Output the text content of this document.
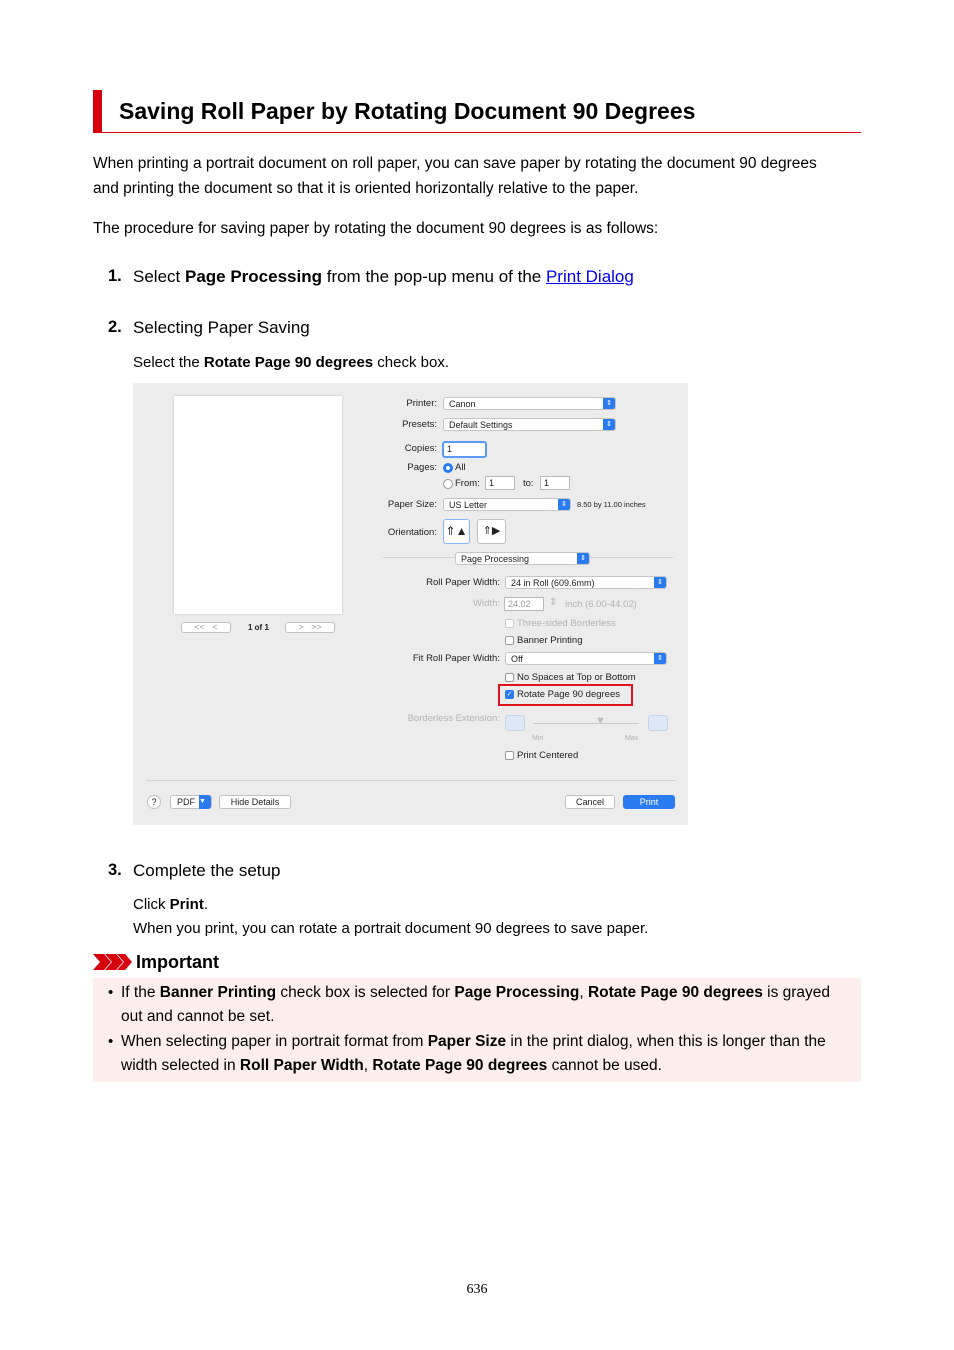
Saving Roll Paper by Rotating Document 90 Degrees
When printing a portrait document on roll paper, you can save paper by rotating the document 90 degrees
and printing the document so that it is oriented horizontally relative to the paper.
The procedure for saving paper by rotating the document 90 degrees is as follows:
1. Select Page Processing from the pop-up menu of the Print Dialog
2. Selecting Paper Saving
Select the Rotate Page 90 degrees check box.
<< <	1 of 1	> >>
Printer:	Canon	⇕
Presets:	Default Settings	⇕
Copies:	1
Pages: All
From:	1	to:	1
Paper Size:	US Letter	⇕	8.50 by 11.00 inches
Orientation: ⇑▲	⇑▶
Page Processing	⇕
Roll Paper Width:	24 in Roll (609.6mm)	⇕
Width: 24.02	⇕ inch (6.00-44.02)
Three-sided Borderless
Banner Printing
Fit Roll Paper Width:	Off	⇕
No Spaces at Top or Bottom
✓ Rotate Page 90 degrees
Borderless Extension:	▼
Min	Max
Print Centered
?	PDF ▼	Hide Details	Cancel	Print
3. Complete the setup
Click Print.
When you print, you can rotate a portrait document 90 degrees to save paper.
Important
• If the Banner Printing check box is selected for Page Processing, Rotate Page 90 degrees is grayed
out and cannot be set.
• When selecting paper in portrait format from Paper Size in the print dialog, when this is longer than the
width selected in Roll Paper Width, Rotate Page 90 degrees cannot be used.
636
